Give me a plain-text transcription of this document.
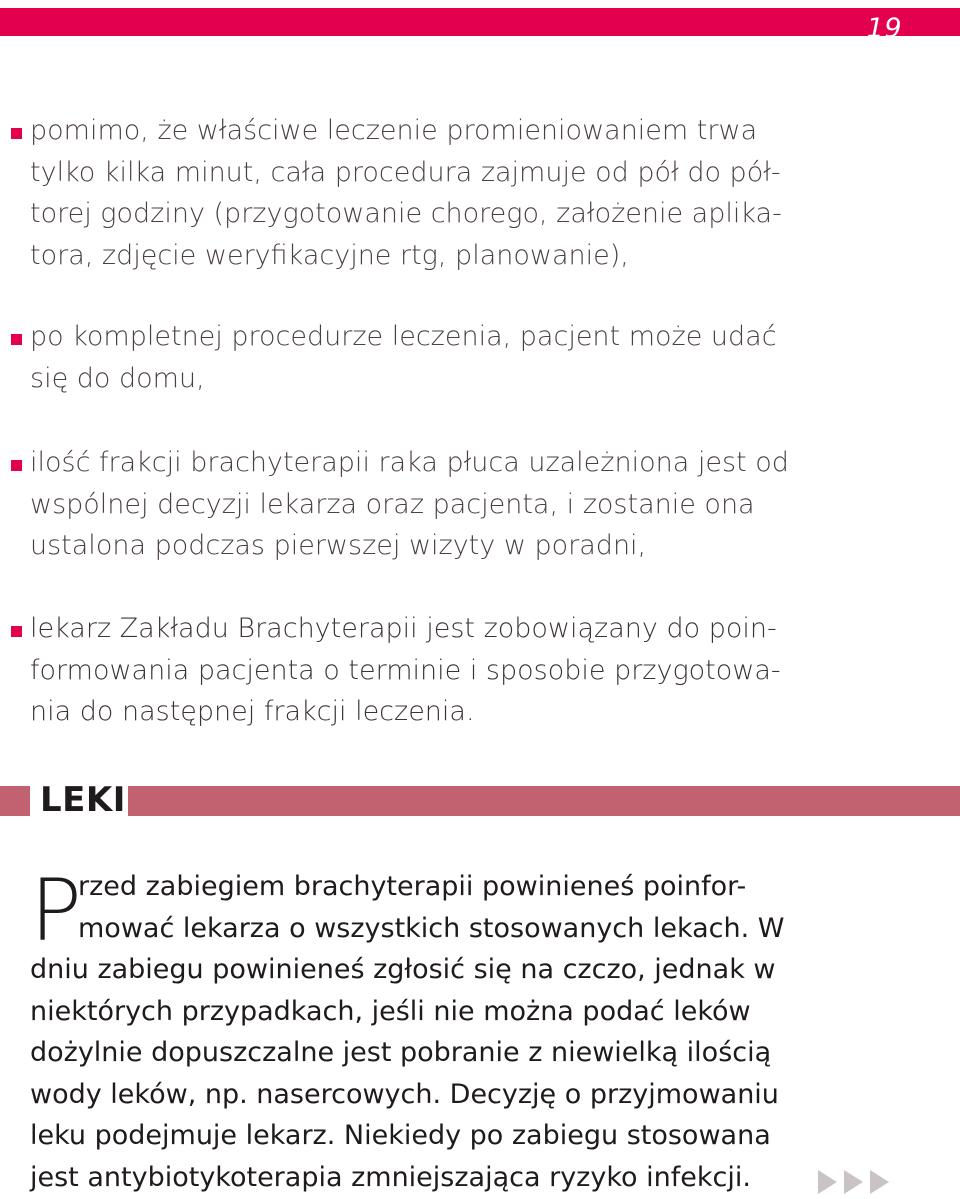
19
pomimo, że właściwe leczenie promieniowaniem trwa
tylko kilka minut, cała procedura zajmuje od pół do pół-
torej godziny (przygotowanie chorego, założenie aplika-
tora, zdjęcie weryfikacyjne rtg, planowanie),
po kompletnej procedurze leczenia, pacjent może udać
się do domu,
ilość frakcji brachyterapii raka płuca uzależniona jest od
wspólnej decyzji lekarza oraz pacjenta, i zostanie ona
ustalona podczas pierwszej wizyty w poradni,
lekarz Zakładu Brachyterapii jest zobowiązany do poin-
formowania pacjenta o terminie i sposobie przygotowa-
nia do następnej frakcji leczenia.
LEKI
P
rzed zabiegiem brachyterapii powinieneś poinfor-
mować lekarza o wszystkich stosowanych lekach. W
dniu zabiegu powinieneś zgłosić się na czczo, jednak w
niektórych przypadkach, jeśli nie można podać leków
dożylnie dopuszczalne jest pobranie z niewielką ilością
wody leków, np. nasercowych. Decyzję o przyjmowaniu
leku podejmuje lekarz. Niekiedy po zabiegu stosowana
jest antybiotykoterapia zmniejszająca ryzyko infekcji.
